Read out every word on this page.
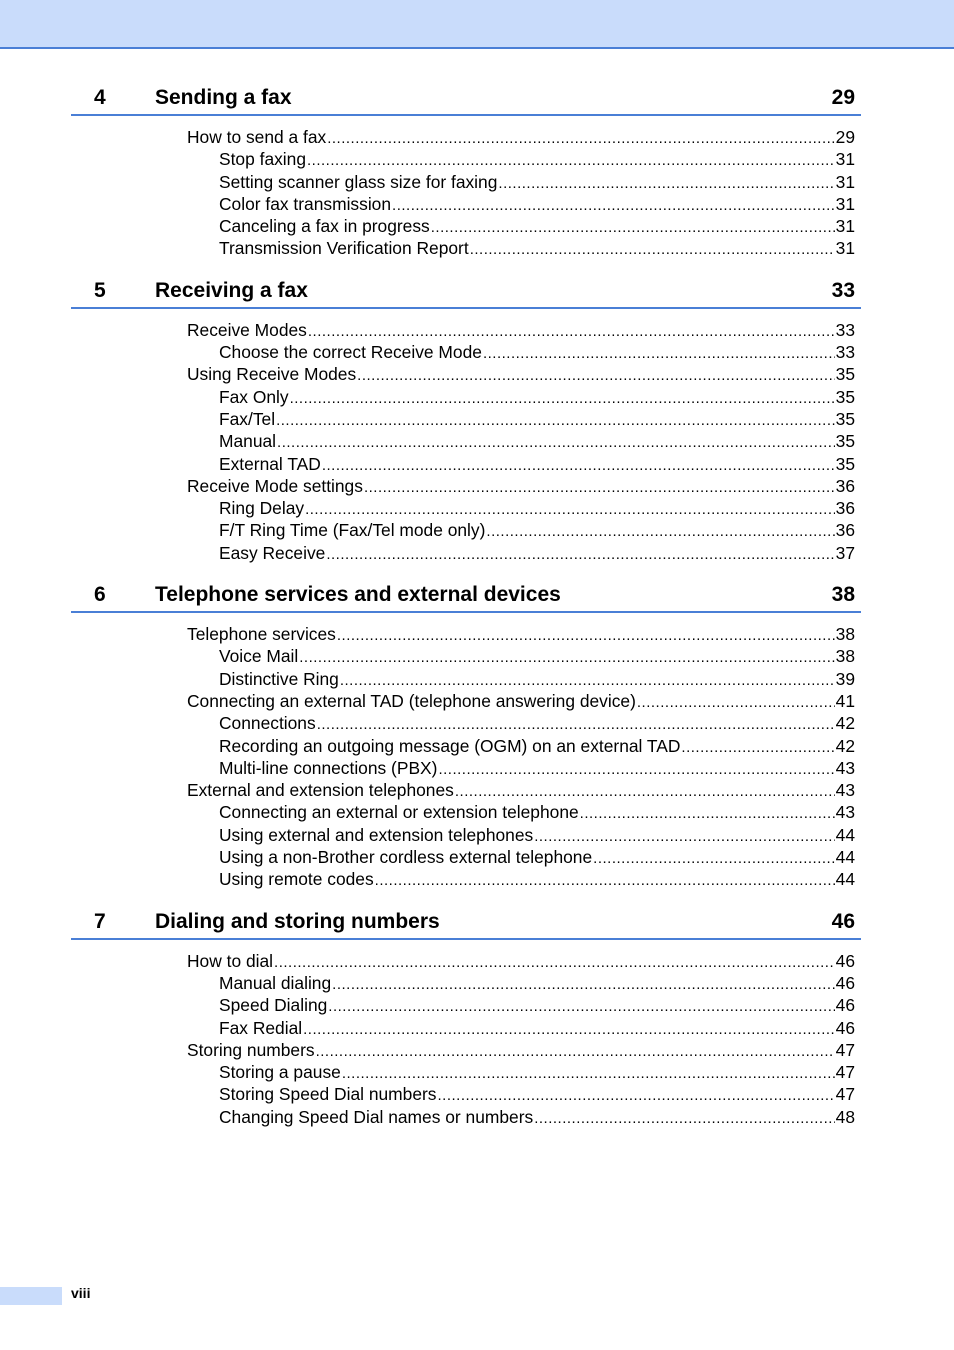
4	Sending a fax	29
How to send a fax .....	29
Stop faxing .....	31
Setting scanner glass size for faxing .....	31
Color fax transmission .....	31
Canceling a fax in progress .....	31
Transmission Verification Report .....	31
5	Receiving a fax	33
Receive Modes .....	33
Choose the correct Receive Mode .....	33
Using Receive Modes .....	35
Fax Only .....	35
Fax/Tel .....	35
Manual .....	35
External TAD .....	35
Receive Mode settings .....	36
Ring Delay .....	36
F/T Ring Time (Fax/Tel mode only) .....	36
Easy Receive .....	37
6	Telephone services and external devices	38
Telephone services .....	38
Voice Mail .....	38
Distinctive Ring .....	39
Connecting an external TAD (telephone answering device) .....	41
Connections .....	42
Recording an outgoing message (OGM) on an external TAD .....	42
Multi-line connections (PBX) .....	43
External and extension telephones .....	43
Connecting an external or extension telephone .....	43
Using external and extension telephones .....	44
Using a non-Brother cordless external telephone .....	44
Using remote codes .....	44
7	Dialing and storing numbers	46
How to dial .....	46
Manual dialing .....	46
Speed Dialing .....	46
Fax Redial .....	46
Storing numbers .....	47
Storing a pause .....	47
Storing Speed Dial numbers .....	47
Changing Speed Dial names or numbers .....	48
viii
